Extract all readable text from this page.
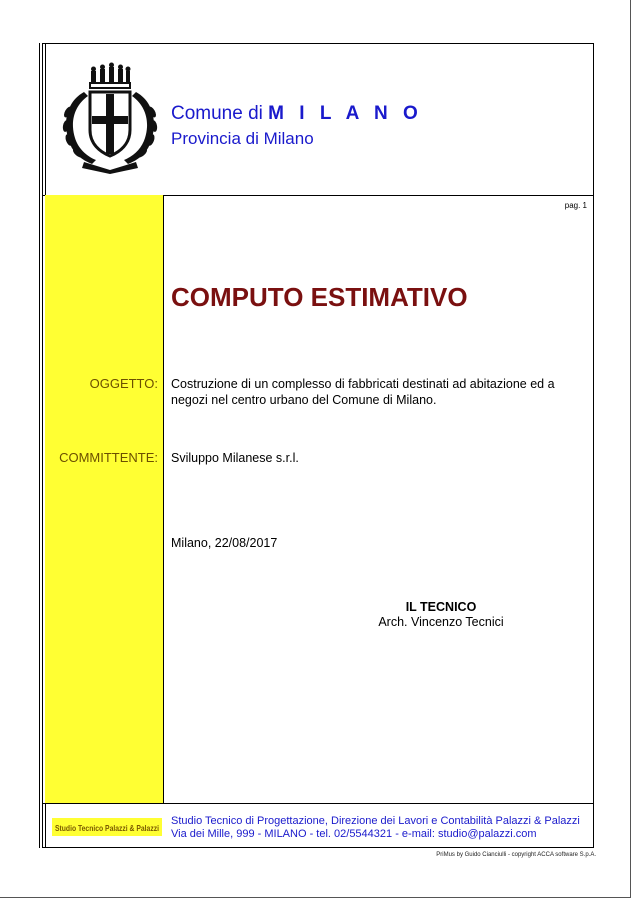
Comune di M I L A N O
Provincia di Milano
pag. 1
COMPUTO ESTIMATIVO
OGGETTO: Costruzione di un complesso di fabbricati destinati ad abitazione ed a
negozi nel centro urbano del Comune di Milano.
COMMITTENTE: Sviluppo Milanese s.r.l.
Milano, 22/08/2017
IL TECNICO
Arch. Vincenzo Tecnici
Studio Tecnico Palazzi & Palazzi
Studio Tecnico di Progettazione, Direzione dei Lavori e Contabilità Palazzi & Palazzi
Via dei Mille, 999 - MILANO - tel. 02/5544321 - e-mail: studio@palazzi.com
PriMus by Guido Cianciulli - copyright ACCA software S.p.A.
